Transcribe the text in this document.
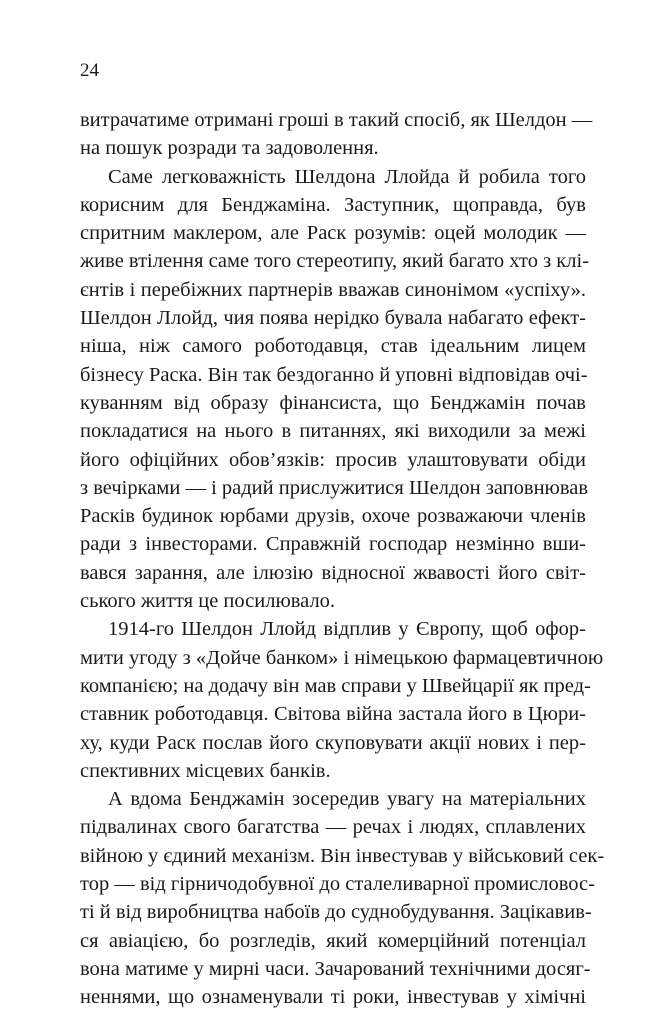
24
витрачатиме отримані гроші в такий спосіб, як Шелдон —
на пошук розради та задоволення.
Саме легковажність Шелдона Ллойда й робила того
корисним для Бенджаміна. Заступник, щоправда, був
спритним маклером, але Раск розумів: оцей молодик —
живе втілення саме того стереотипу, який багато хто з клі-
єнтів і перебіжних партнерів вважав синонімом «успіху».
Шелдон Ллойд, чия поява нерідко бувала набагато ефект-
ніша, ніж самого роботодавця, став ідеальним лицем
бізнесу Раска. Він так бездоганно й уповні відповідав очі-
куванням від образу фінансиста, що Бенджамін почав
покладатися на нього в питаннях, які виходили за межі
його офіційних обов’язків: просив улаштовувати обіди
з вечірками — і радий прислужитися Шелдон заповнював
Расків будинок юрбами друзів, охоче розважаючи членів
ради з інвесторами. Справжній господар незмінно вши-
вався зарання, але ілюзію відносної жвавості його світ-
ського життя це посилювало.
1914-го Шелдон Ллойд відплив у Європу, щоб офор-
мити угоду з «Дойче банком» і німецькою фармацевтичною
компанією; на додачу він мав справи у Швейцарії як пред-
ставник роботодавця. Світова війна застала його в Цюри-
ху, куди Раск послав його скуповувати акції нових і пер-
спективних місцевих банків.
А вдома Бенджамін зосередив увагу на матеріальних
підвалинах свого багатства — речах і людях, сплавлених
війною у єдиний механізм. Він інвестував у військовий сек-
тор — від гірничодобувної до сталеливарної промисловос-
ті й від виробництва набоїв до суднобудування. Зацікавив-
ся авіацією, бо розгледів, який комерційний потенціал
вона матиме у мирні часи. Зачарований технічними досяг-
неннями, що ознаменували ті роки, інвестував у хімічні
